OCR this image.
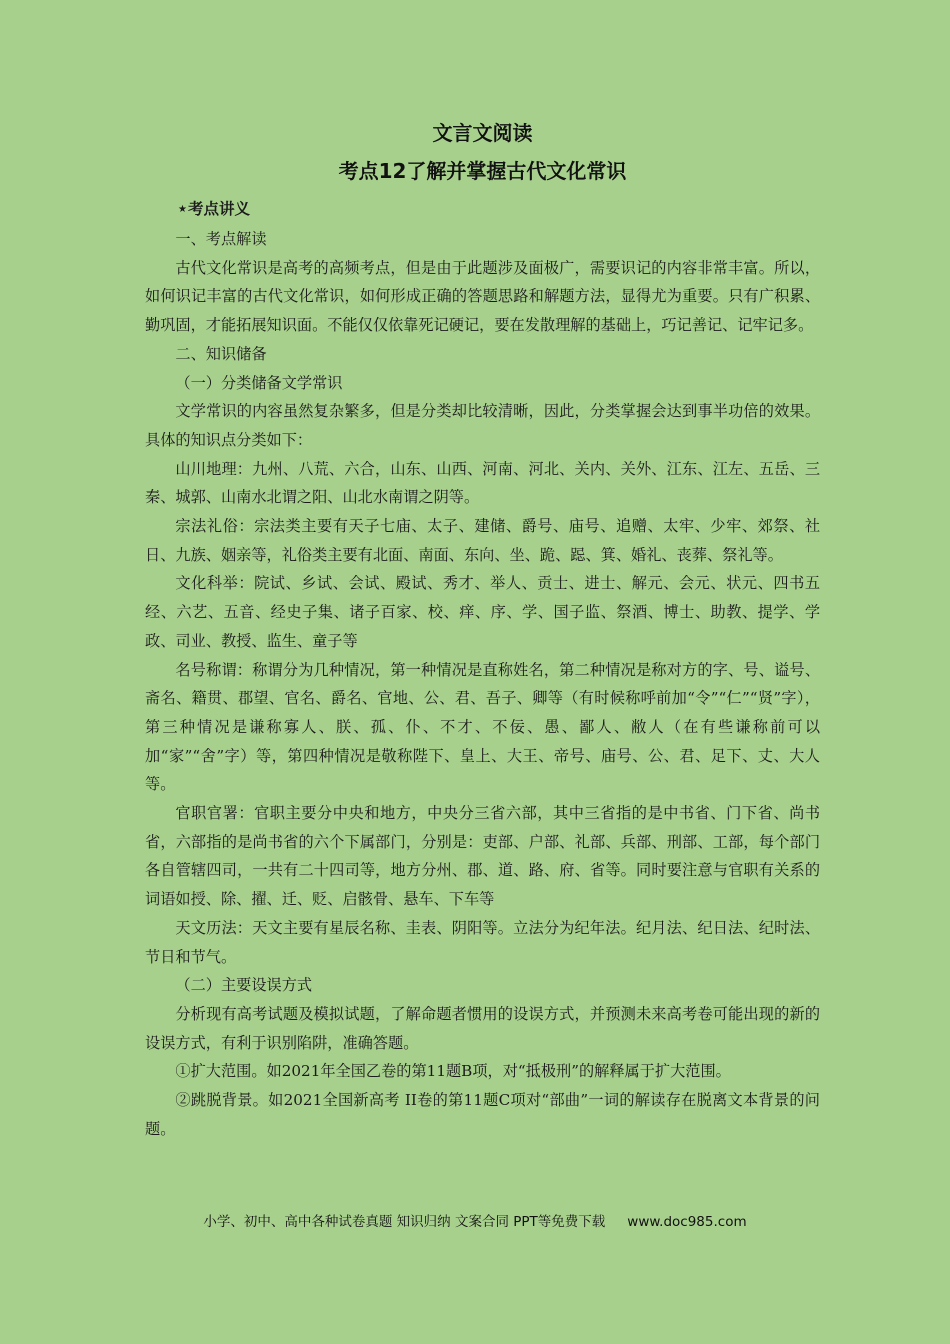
文言文阅读
考点12了解并掌握古代文化常识
★考点讲义

一、考点解读

古代文化常识是高考的高频考点，但是由于此题涉及面极广，需要识记的内容非常丰富。所以，如何识记丰富的古代文化常识，如何形成正确的答题思路和解题方法，显得尤为重要。只有广积累、勤巩固，才能拓展知识面。不能仅仅依靠死记硬记，要在发散理解的基础上，巧记善记、记牢记多。

二、知识储备

（一）分类储备文学常识

文学常识的内容虽然复杂繁多，但是分类却比较清晰，因此，分类掌握会达到事半功倍的效果。具体的知识点分类如下：

山川地理：九州、八荒、六合，山东、山西、河南、河北、关内、关外、江东、江左、五岳、三秦、城郭、山南水北谓之阳、山北水南谓之阴等。

宗法礼俗：宗法类主要有天子七庙、太子、建储、爵号、庙号、追赠、太牢、少牢、郊祭、社日、九族、姻亲等，礼俗类主要有北面、南面、东向、坐、跪、跽、箕、婚礼、丧葬、祭礼等。

文化科举：院试、乡试、会试、殿试、秀才、举人、贡士、进士、解元、会元、状元、四书五经、六艺、五音、经史子集、诸子百家、校、痒、序、学、国子监、祭酒、博士、助教、提学、学政、司业、教授、监生、童子等

名号称谓：称谓分为几种情况，第一种情况是直称姓名，第二种情况是称对方的字、号、谥号、斋名、籍贯、郡望、官名、爵名、官地、公、君、吾子、卿等（有时候称呼前加“令”“仁”“贤”字），第三种情况是谦称寡人、朕、孤、仆、不才、不佞、愚、鄙人、敝人（在有些谦称前可以加“家”“舍”字）等，第四种情况是敬称陛下、皇上、大王、帝号、庙号、公、君、足下、丈、大人等。

官职官署：官职主要分中央和地方，中央分三省六部，其中三省指的是中书省、门下省、尚书省，六部指的是尚书省的六个下属部门，分别是：吏部、户部、礼部、兵部、刑部、工部，每个部门各自管辖四司，一共有二十四司等，地方分州、郡、道、路、府、省等。同时要注意与官职有关系的词语如授、除、擢、迁、贬、启骸骨、悬车、下车等

天文历法：天文主要有星辰名称、圭表、阴阳等。立法分为纪年法。纪月法、纪日法、纪时法、节日和节气。

（二）主要设误方式

分析现有高考试题及模拟试题，了解命题者惯用的设误方式，并预测未来高考卷可能出现的新的设误方式，有利于识别陷阱，准确答题。

①扩大范围。如2021年全国乙卷的第11题B项，对“抵极刑”的解释属于扩大范围。

②跳脱背景。如2021全国新高考 II卷的第11题C项对“部曲”一词的解读存在脱离文本背景的问题。

小学、初中、高中各种试卷真题 知识归纳 文案合同 PPT等免费下载 www.doc985.com
